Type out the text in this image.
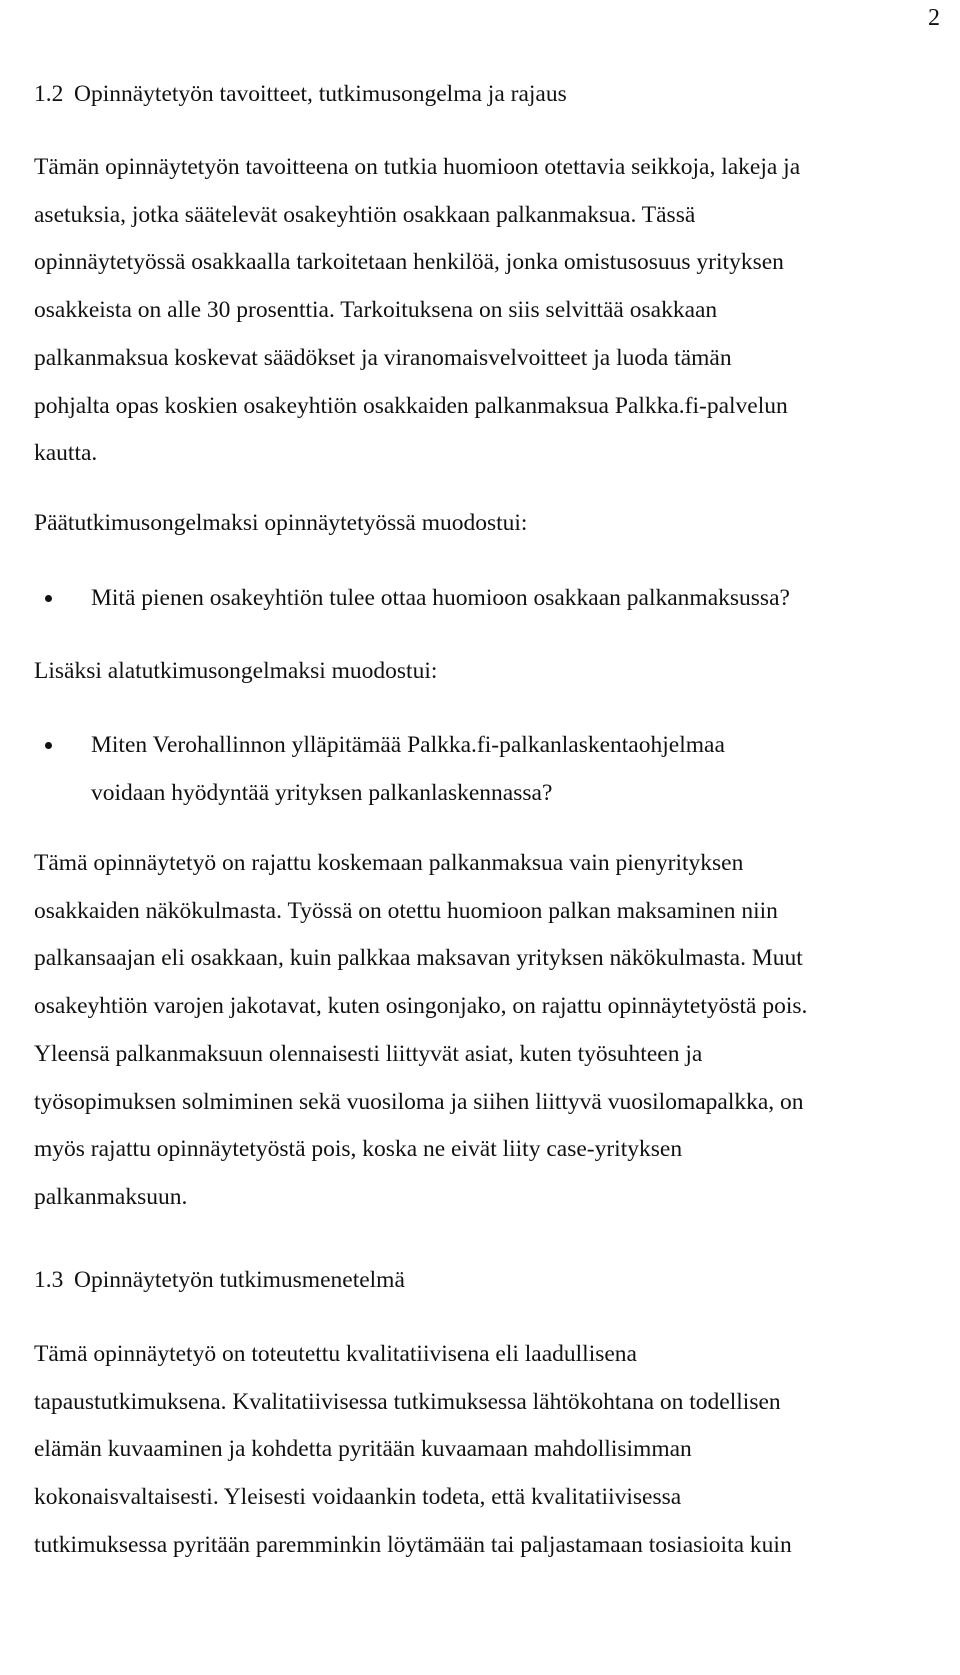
2
1.2 Opinnäytetyön tavoitteet, tutkimusongelma ja rajaus

Tämän opinnäytetyön tavoitteena on tutkia huomioon otettavia seikkoja, lakeja ja
asetuksia, jotka säätelevät osakeyhtiön osakkaan palkanmaksua. Tässä
opinnäytetyössä osakkaalla tarkoitetaan henkilöä, jonka omistusosuus yrityksen
osakkeista on alle 30 prosenttia. Tarkoituksena on siis selvittää osakkaan
palkanmaksua koskevat säädökset ja viranomaisvelvoitteet ja luoda tämän
pohjalta opas koskien osakeyhtiön osakkaiden palkanmaksua Palkka.fi-palvelun
kautta.

Päätutkimusongelmaksi opinnäytetyössä muodostui:

Mitä pienen osakeyhtiön tulee ottaa huomioon osakkaan palkanmaksussa?

Lisäksi alatutkimusongelmaksi muodostui:

Miten Verohallinnon ylläpitämää Palkka.fi-palkanlaskentaohjelmaa
voidaan hyödyntää yrityksen palkanlaskennassa?

Tämä opinnäytetyö on rajattu koskemaan palkanmaksua vain pienyrityksen
osakkaiden näkökulmasta. Työssä on otettu huomioon palkan maksaminen niin
palkansaajan eli osakkaan, kuin palkkaa maksavan yrityksen näkökulmasta. Muut
osakeyhtiön varojen jakotavat, kuten osingonjako, on rajattu opinnäytetyöstä pois.
Yleensä palkanmaksuun olennaisesti liittyvät asiat, kuten työsuhteen ja
työsopimuksen solmiminen sekä vuosiloma ja siihen liittyvä vuosilomapalkka, on
myös rajattu opinnäytetyöstä pois, koska ne eivät liity case-yrityksen
palkanmaksuun.

1.3 Opinnäytetyön tutkimusmenetelmä

Tämä opinnäytetyö on toteutettu kvalitatiivisena eli laadullisena
tapaustutkimuksena. Kvalitatiivisessa tutkimuksessa lähtökohtana on todellisen
elämän kuvaaminen ja kohdetta pyritään kuvaamaan mahdollisimman
kokonaisvaltaisesti. Yleisesti voidaankin todeta, että kvalitatiivisessa
tutkimuksessa pyritään paremminkin löytämään tai paljastamaan tosiasioita kuin
